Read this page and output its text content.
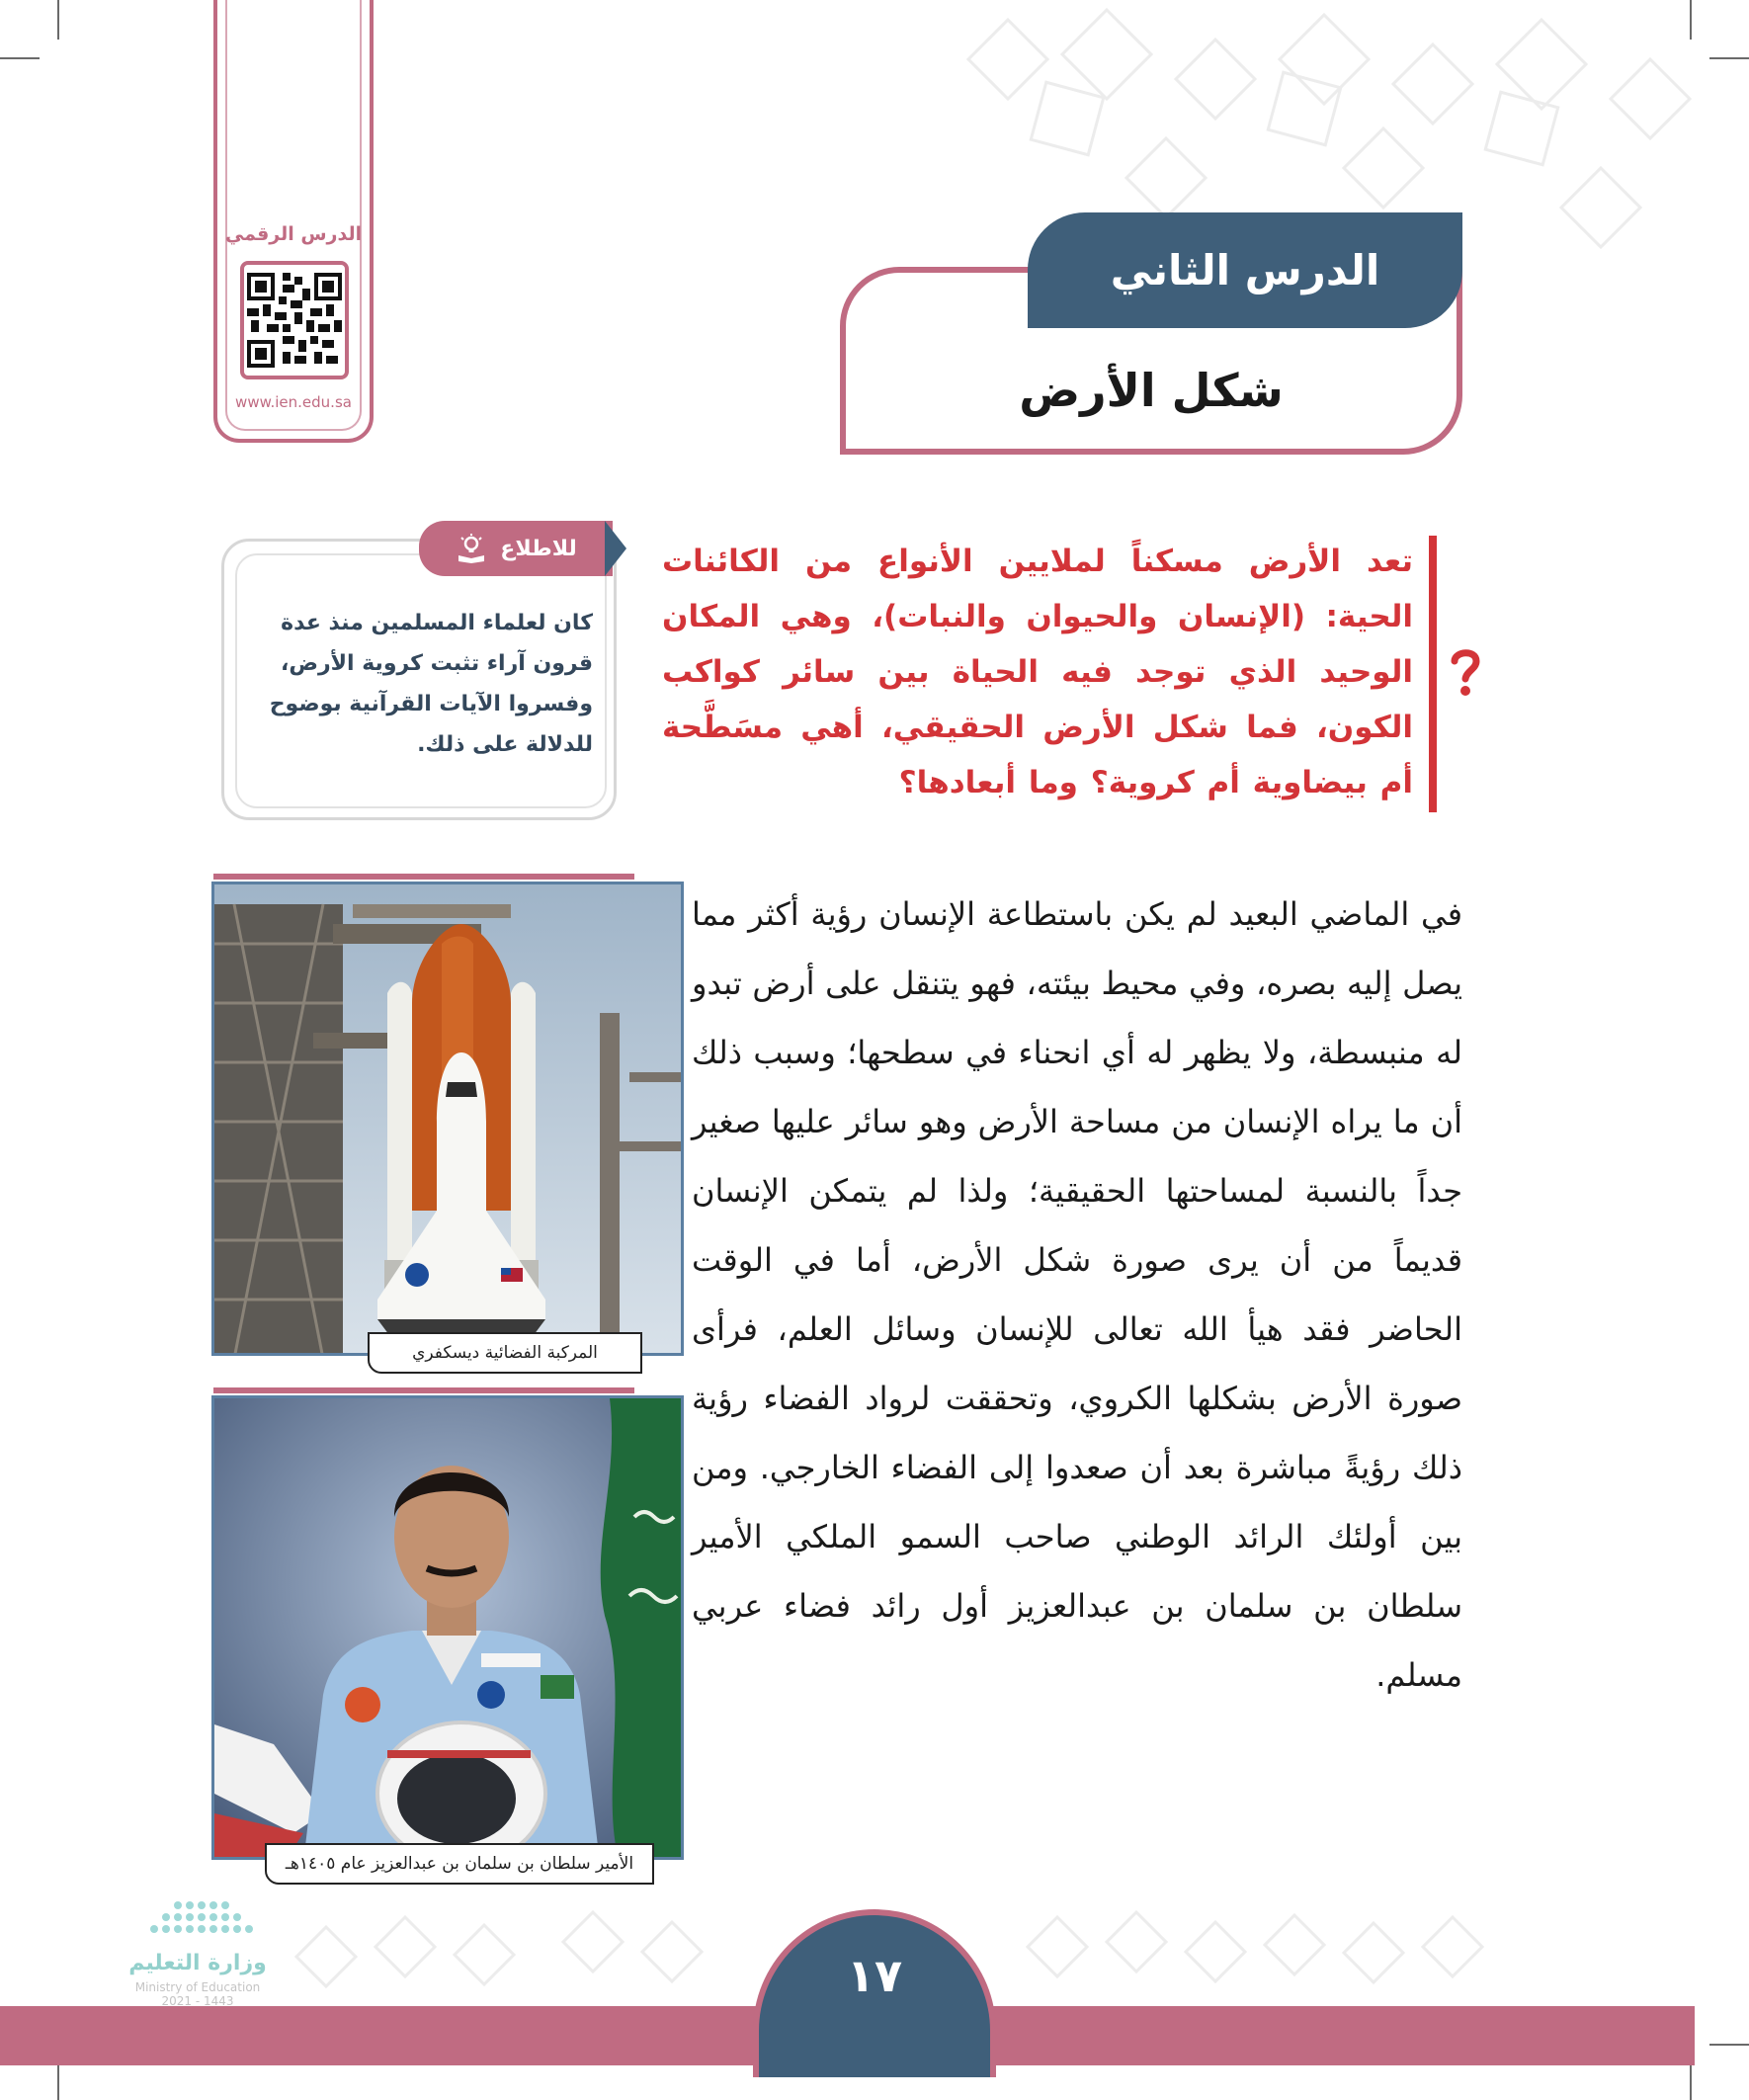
الدرس الرقمي
www.ien.edu.sa
الدرس الثاني
شكل الأرض
للاطلاع
كان لعلماء المسلمين منذ عدة قرون آراء تثبت كروية الأرض، وفسروا الآيات القرآنية بوضوح للدلالة على ذلك.
تعد الأرض مسكناً لملايين الأنواع من الكائنات الحية: (الإنسان والحيوان والنبات)، وهي المكان الوحيد الذي توجد فيه الحياة بين سائر كواكب الكون، فما شكل الأرض الحقيقي، أهي مسَطَّحة أم بيضاوية أم كروية؟ وما أبعادها؟
في الماضي البعيد لم يكن باستطاعة الإنسان رؤية أكثر مما يصل إليه بصره، وفي محيط بيئته، فهو يتنقل على أرض تبدو له منبسطة، ولا يظهر له أي انحناء في سطحها؛ وسبب ذلك أن ما يراه الإنسان من مساحة الأرض وهو سائر عليها صغير جداً بالنسبة لمساحتها الحقيقية؛ ولذا لم يتمكن الإنسان قديماً من أن يرى صورة شكل الأرض، أما في الوقت الحاضر فقد هيأ الله تعالى للإنسان وسائل العلم، فرأى صورة الأرض بشكلها الكروي، وتحققت لرواد الفضاء رؤية ذلك رؤيةً مباشرة بعد أن صعدوا إلى الفضاء الخارجي. ومن بين أولئك الرائد الوطني صاحب السمو الملكي الأمير سلطان بن سلمان بن عبدالعزيز أول رائد فضاء عربي مسلم.
المركبة الفضائية ديسكفري
الأمير سلطان بن سلمان بن عبدالعزيز عام ١٤٠٥هـ
١٧
وزارة التعليم
Ministry of Education
2021 - 1443
